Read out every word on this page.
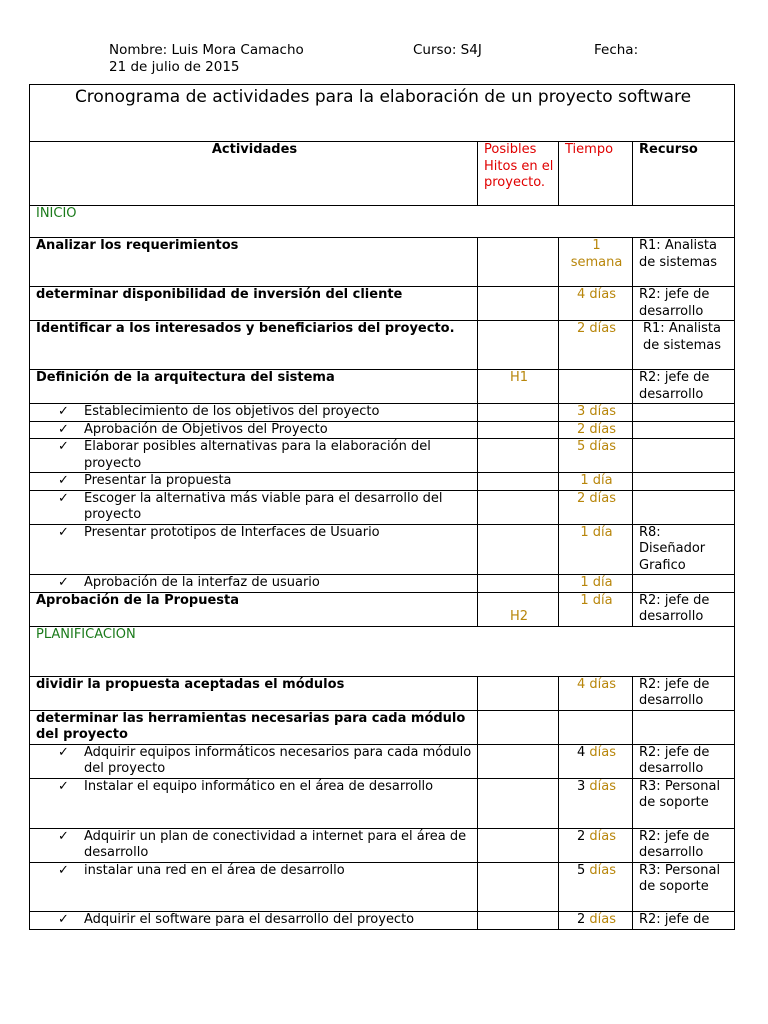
Nombre: Luis Mora Camacho	Curso: S4J	Fecha:
21 de julio de 2015
Cronograma de actividades para la elaboración de un proyecto software			
Actividades	Posibles Hitos en el proyecto.	Tiempo	Recurso
INICIO			
Analizar los requerimientos		1 semana	R1: Analista de sistemas
determinar disponibilidad de inversión del cliente		4 días	R2: jefe de desarrollo
Identificar a los interesados y beneficiarios del proyecto.		2 días	R1: Analista de sistemas
Definición de la arquitectura del sistema	H1		R2: jefe de desarrollo
✓ Establecimiento de los objetivos del proyecto		3 días	
✓ Aprobación de Objetivos del Proyecto		2 días	
✓ Elaborar posibles alternativas para la elaboración del proyecto		5 días	
✓ Presentar la propuesta		1 día	
✓ Escoger la alternativa más viable para el desarrollo del proyecto		2 días	
✓ Presentar prototipos de Interfaces de Usuario		1 día	R8: Diseñador Grafico
✓ Aprobación de la interfaz de usuario		1 día	
Aprobación de la Propuesta	H2	1 día	R2: jefe de desarrollo
PLANIFICACION			
dividir la propuesta aceptadas el módulos		4 días	R2: jefe de desarrollo
determinar las herramientas necesarias para cada módulo del proyecto			
✓ Adquirir equipos informáticos necesarios para cada módulo del proyecto		4 días	R2: jefe de desarrollo
✓ Instalar el equipo informático en el área de desarrollo		3 días	R3: Personal de soporte
✓ Adquirir un plan de conectividad a internet para el área de desarrollo		2 días	R2: jefe de desarrollo
✓ instalar una red en el área de desarrollo		5 días	R3: Personal de soporte
✓ Adquirir el software para el desarrollo del proyecto		2 días	R2: jefe de
